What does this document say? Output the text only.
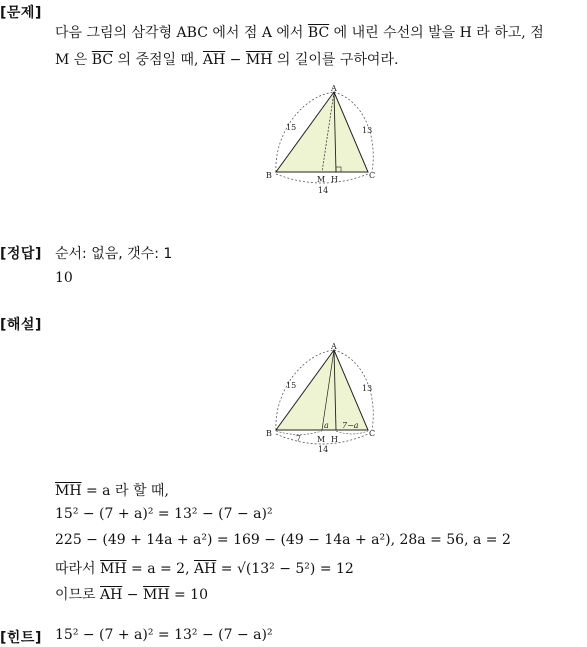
[문제]
다음 그림의 삼각형 ABC 에서 점 A 에서 $\overline{BC}$ 에 내린 수선의 발을 H 라 하고, 점
M 은 $\overline{BC}$ 의 중점일 때, $\overline{AH} - \overline{MH}$ 의 길이를 구하여라.
A
B	C
M H
15	13
14
[정답] 순서: 없음, 갯수: 1
10
[해설]
A
B	C
M H
15	13
14
7
a 7−a
$\overline{MH} = a$ 라 할 때,
15² − (7 + a)² = 13² − (7 − a)²
225 − (49 + 14a + a²) = 169 − (49 − 14a + a²), 28a = 56, a = 2
따라서 $\overline{MH} = a = 2$, $\overline{AH} = √(13^2 - 5^2) = 12$
이므로 $\overline{AH} - \overline{MH} = 10$
[힌트] 15² − (7 + a)² = 13² − (7 − a)²
